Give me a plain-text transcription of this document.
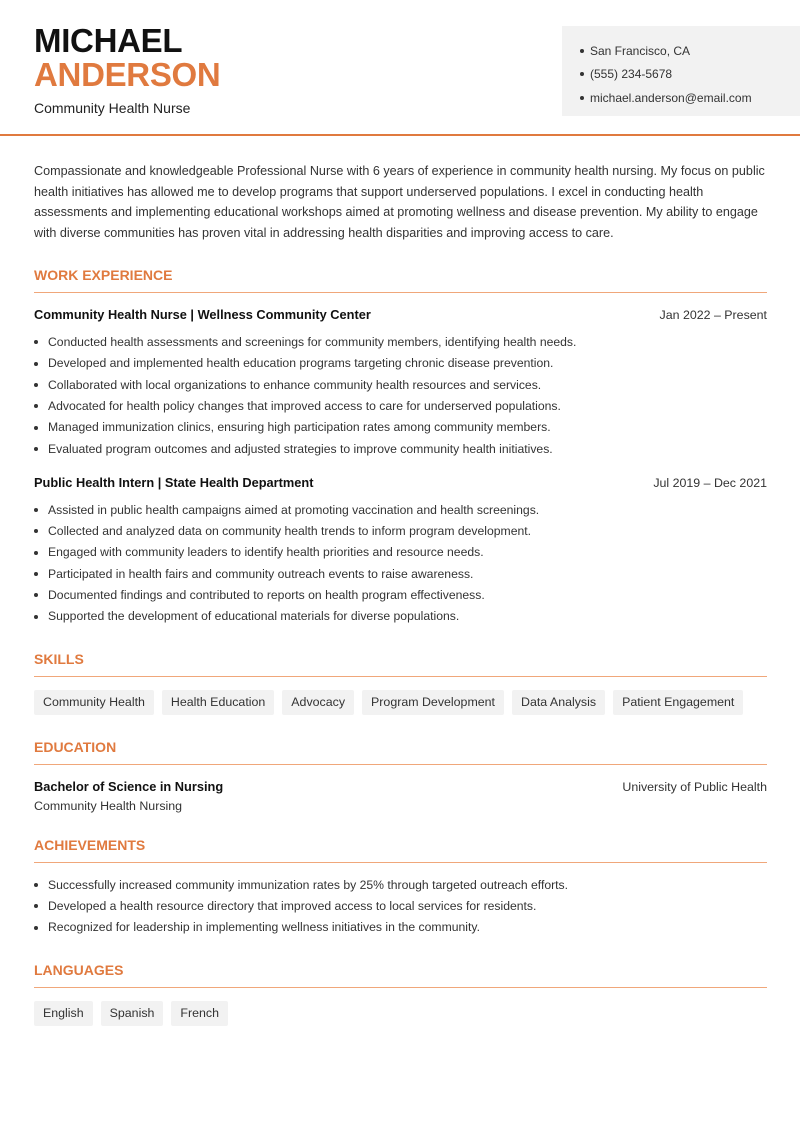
MICHAEL
ANDERSON
Community Health Nurse
San Francisco, CA
(555) 234-5678
michael.anderson@email.com

Compassionate and knowledgeable Professional Nurse with 6 years of experience in community health nursing. My focus on public health initiatives has allowed me to develop programs that support underserved populations. I excel in conducting health assessments and implementing educational workshops aimed at promoting wellness and disease prevention. My ability to engage with diverse communities has proven vital in addressing health disparities and improving access to care.

WORK EXPERIENCE
Community Health Nurse | Wellness Community Center	Jan 2022 – Present
Conducted health assessments and screenings for community members, identifying health needs.
Developed and implemented health education programs targeting chronic disease prevention.
Collaborated with local organizations to enhance community health resources and services.
Advocated for health policy changes that improved access to care for underserved populations.
Managed immunization clinics, ensuring high participation rates among community members.
Evaluated program outcomes and adjusted strategies to improve community health initiatives.
Public Health Intern | State Health Department	Jul 2019 – Dec 2021
Assisted in public health campaigns aimed at promoting vaccination and health screenings.
Collected and analyzed data on community health trends to inform program development.
Engaged with community leaders to identify health priorities and resource needs.
Participated in health fairs and community outreach events to raise awareness.
Documented findings and contributed to reports on health program effectiveness.
Supported the development of educational materials for diverse populations.
SKILLS
Community Health	Health Education	Advocacy	Program Development	Data Analysis	Patient Engagement
EDUCATION
Bachelor of Science in Nursing	University of Public Health
Community Health Nursing
ACHIEVEMENTS
Successfully increased community immunization rates by 25% through targeted outreach efforts.
Developed a health resource directory that improved access to local services for residents.
Recognized for leadership in implementing wellness initiatives in the community.
LANGUAGES
English	Spanish	French
